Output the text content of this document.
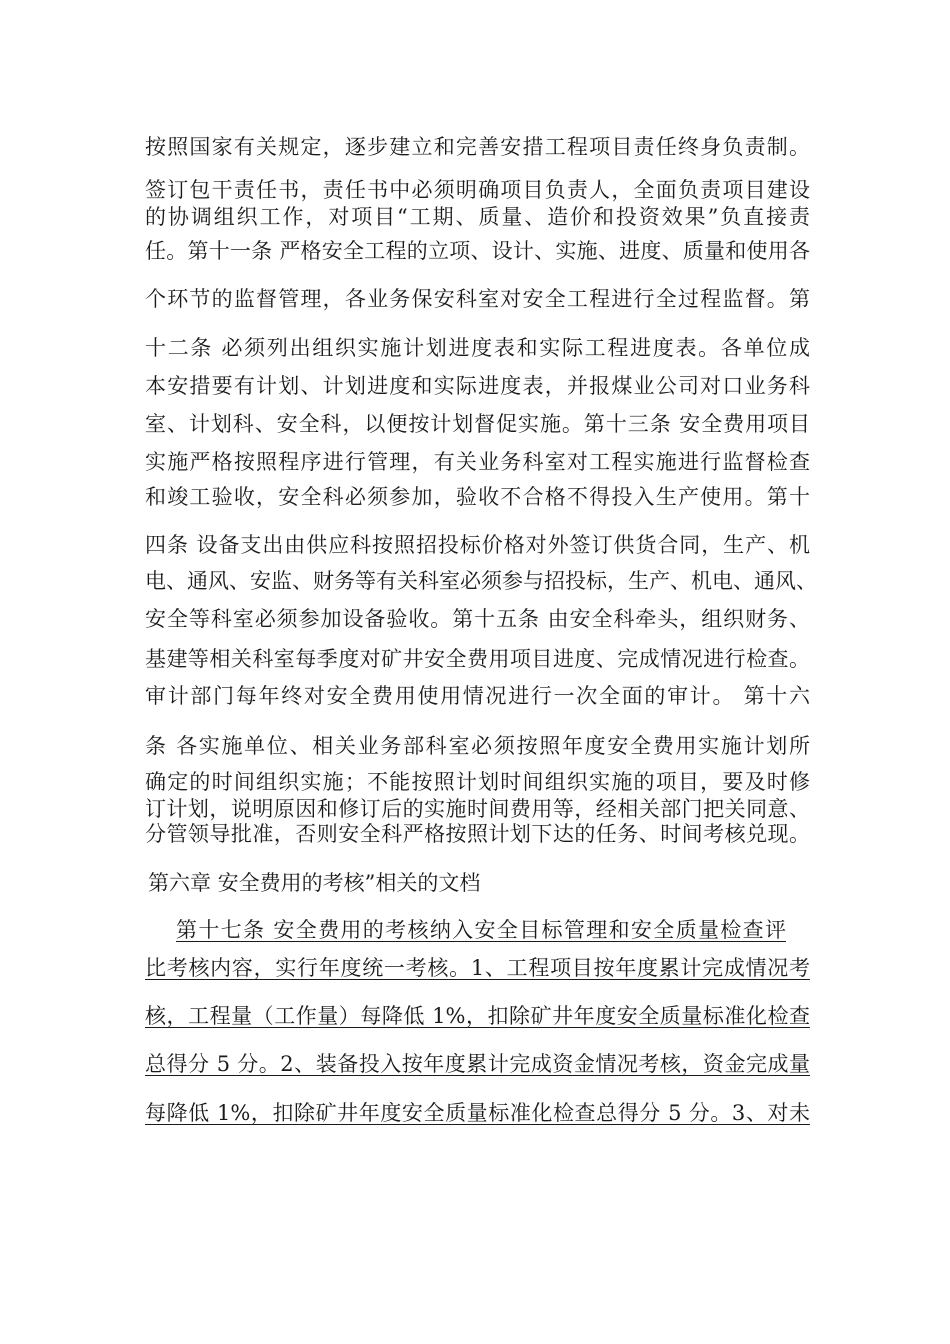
按照国家有关规定，逐步建立和完善安措工程项目责任终身负责制。
签订包干责任书，责任书中必须明确项目负责人，全面负责项目建设
的协调组织工作，对项目“工期、质量、造价和投资效果”负直接责
任。第十一条 严格安全工程的立项、设计、实施、进度、质量和使用各
个环节的监督管理，各业务保安科室对安全工程进行全过程监督。第
十二条 必须列出组织实施计划进度表和实际工程进度表。各单位成
本安措要有计划、计划进度和实际进度表，并报煤业公司对口业务科
室、计划科、安全科，以便按计划督促实施。第十三条 安全费用项目
实施严格按照程序进行管理，有关业务科室对工程实施进行监督检查
和竣工验收，安全科必须参加，验收不合格不得投入生产使用。第十
四条 设备支出由供应科按照招投标价格对外签订供货合同，生产、机
电、通风、安监、财务等有关科室必须参与招投标，生产、机电、通风、
安全等科室必须参加设备验收。第十五条 由安全科牵头，组织财务、
基建等相关科室每季度对矿井安全费用项目进度、完成情况进行检查。
审计部门每年终对安全费用使用情况进行一次全面的审计。 第十六
条 各实施单位、相关业务部科室必须按照年度安全费用实施计划所
确定的时间组织实施；不能按照计划时间组织实施的项目，要及时修
订计划，说明原因和修订后的实施时间费用等，经相关部门把关同意、
分管领导批准，否则安全科严格按照计划下达的任务、时间考核兑现。
第六章 安全费用的考核”相关的文档
第十七条 安全费用的考核纳入安全目标管理和安全质量检查评
比考核内容，实行年度统一考核。1、工程项目按年度累计完成情况考
核，工程量（工作量）每降低 1%，扣除矿井年度安全质量标准化检查
总得分 5 分。2、装备投入按年度累计完成资金情况考核，资金完成量
每降低 1%，扣除矿井年度安全质量标准化检查总得分 5 分。3、对未
